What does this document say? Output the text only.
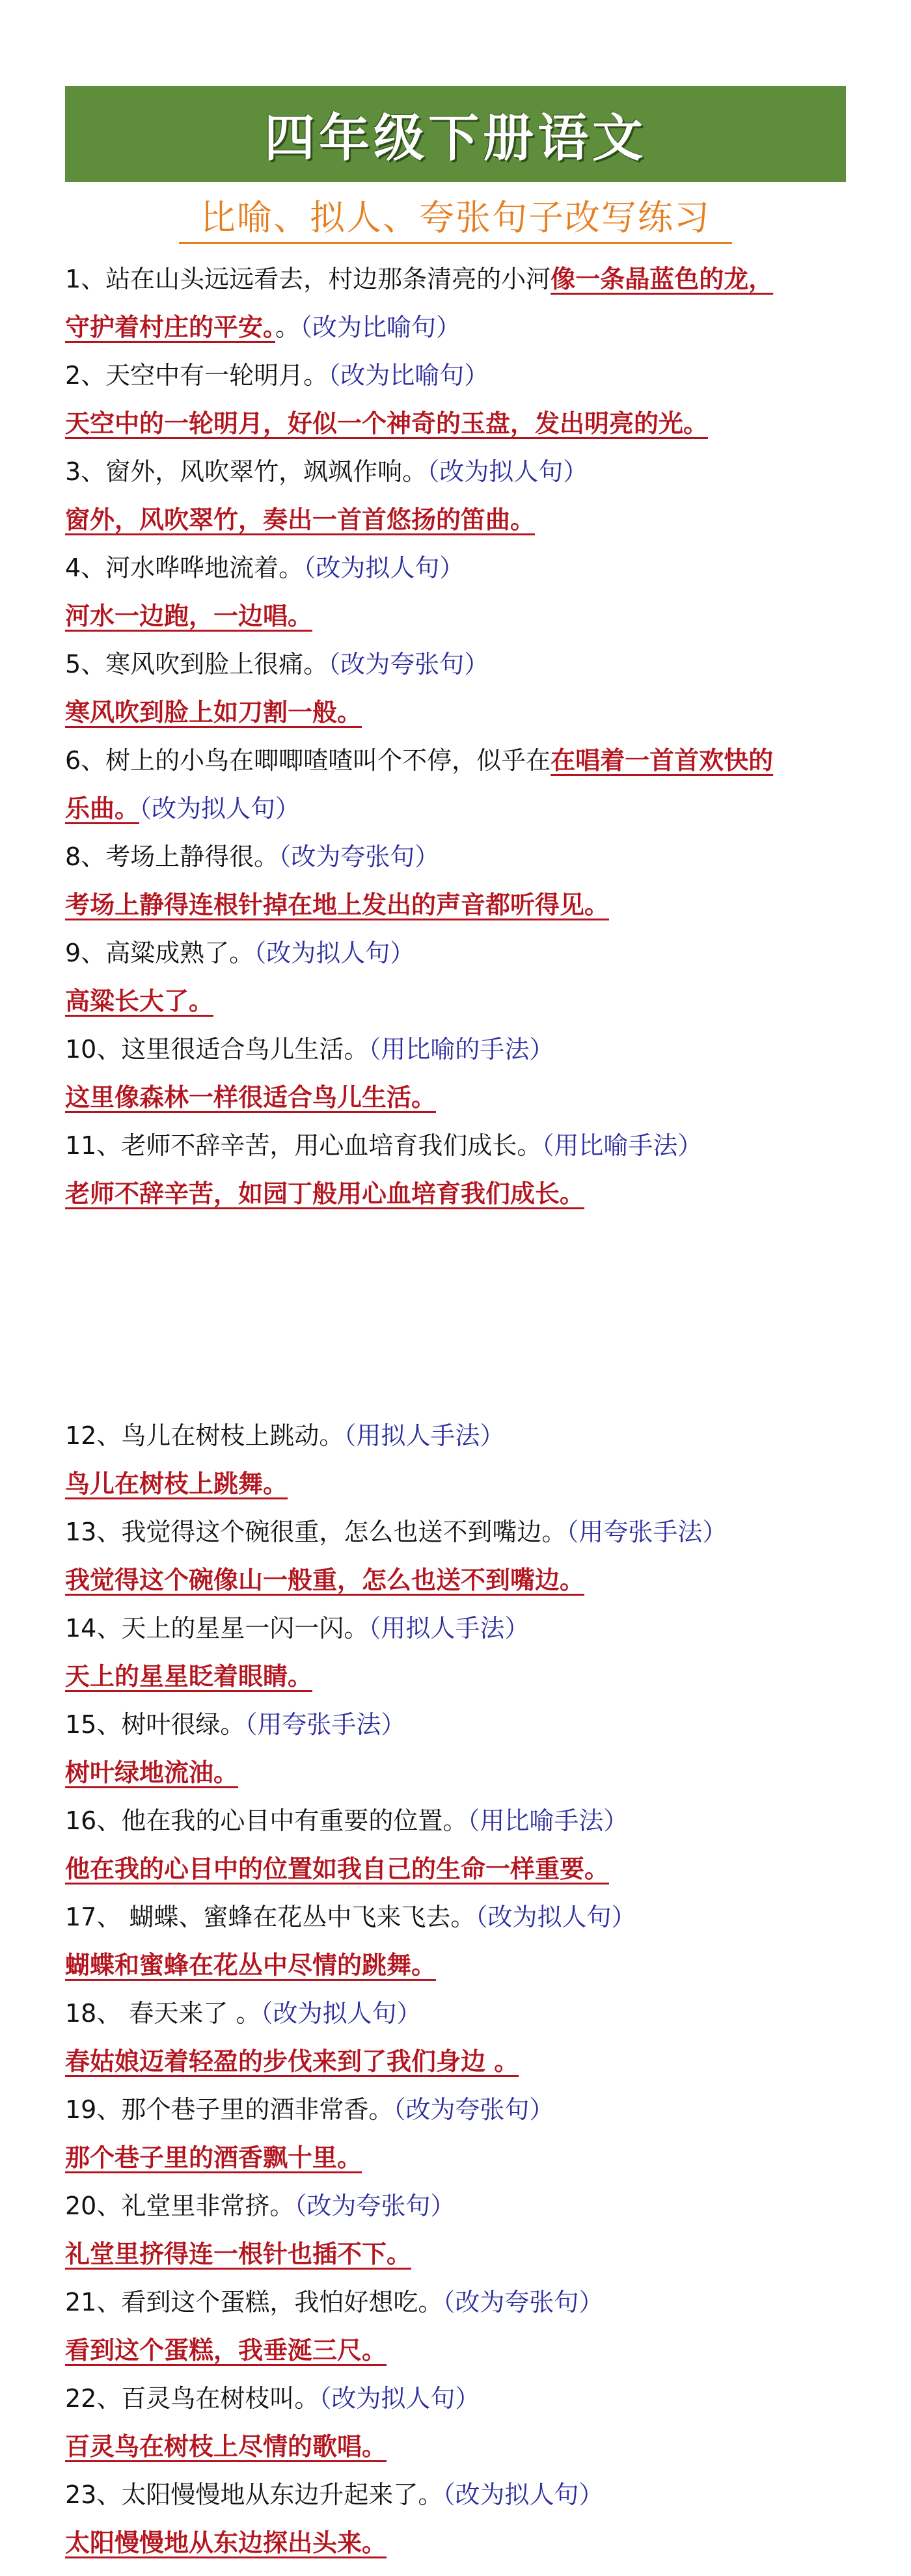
四年级下册语文
比喻、拟人、夸张句子改写练习
1、站在山头远远看去，村边那条清亮的小河像一条晶蓝色的龙，
守护着村庄的平安。。（改为比喻句）
2、天空中有一轮明月。（改为比喻句）
天空中的一轮明月，好似一个神奇的玉盘，发出明亮的光。
3、窗外，风吹翠竹，飒飒作响。（改为拟人句）
窗外，风吹翠竹，奏出一首首悠扬的笛曲。
4、河水哗哗地流着。（改为拟人句）
河水一边跑，一边唱。
5、寒风吹到脸上很痛。（改为夸张句）
寒风吹到脸上如刀割一般。
6、树上的小鸟在唧唧喳喳叫个不停，似乎在在唱着一首首欢快的
乐曲。（改为拟人句）
8、考场上静得很。（改为夸张句）
考场上静得连根针掉在地上发出的声音都听得见。
9、高粱成熟了。（改为拟人句）
高粱长大了。
10、这里很适合鸟儿生活。（用比喻的手法）
这里像森林一样很适合鸟儿生活。
11、老师不辞辛苦，用心血培育我们成长。（用比喻手法）
老师不辞辛苦，如园丁般用心血培育我们成长。
12、鸟儿在树枝上跳动。（用拟人手法）
鸟儿在树枝上跳舞。
13、我觉得这个碗很重，怎么也送不到嘴边。（用夸张手法）
我觉得这个碗像山一般重，怎么也送不到嘴边。
14、天上的星星一闪一闪。（用拟人手法）
天上的星星眨着眼睛。
15、树叶很绿。（用夸张手法）
树叶绿地流油。
16、他在我的心目中有重要的位置。（用比喻手法）
他在我的心目中的位置如我自己的生命一样重要。
17、 蝴蝶、蜜蜂在花丛中飞来飞去。（改为拟人句）
蝴蝶和蜜蜂在花丛中尽情的跳舞。
18、 春天来了 。（改为拟人句）
春姑娘迈着轻盈的步伐来到了我们身边 。
19、那个巷子里的酒非常香。（改为夸张句）
那个巷子里的酒香飘十里。
20、礼堂里非常挤。（改为夸张句）
礼堂里挤得连一根针也插不下。
21、看到这个蛋糕，我怕好想吃。（改为夸张句）
看到这个蛋糕，我垂涎三尺。
22、百灵鸟在树枝叫。（改为拟人句）
百灵鸟在树枝上尽情的歌唱。
23、太阳慢慢地从东边升起来了。（改为拟人句）
太阳慢慢地从东边探出头来。
